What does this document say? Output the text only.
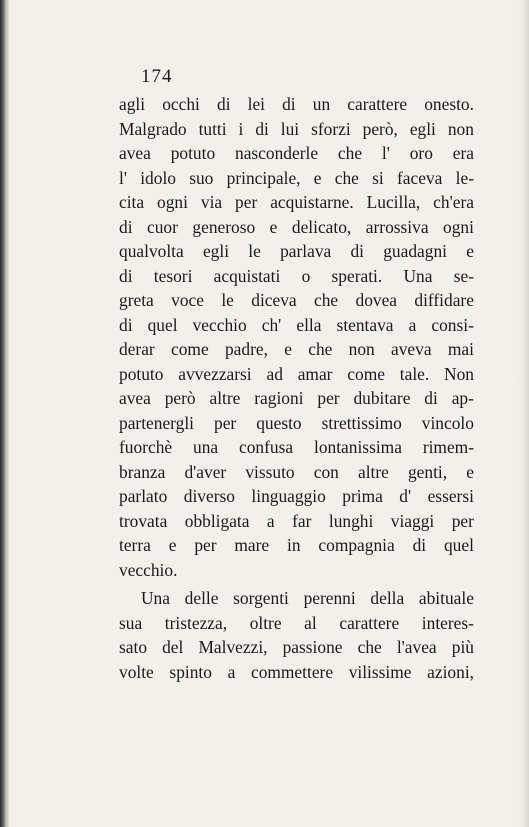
174
agli occhi di lei di un carattere onesto.
Malgrado tutti i di lui sforzi però, egli non
avea potuto nasconderle che l' oro era
l' idolo suo principale, e che si faceva le-
cita ogni via per acquistarne. Lucilla, ch'era
di cuor generoso e delicato, arrossiva ogni
qualvolta egli le parlava di guadagni e
di tesori acquistati o sperati. Una se-
greta voce le diceva che dovea diffidare
di quel vecchio ch' ella stentava a consi-
derar come padre, e che non aveva mai
potuto avvezzarsi ad amar come tale. Non
avea però altre ragioni per dubitare di ap-
partenergli per questo strettissimo vincolo
fuorchè una confusa lontanissima rimem-
branza d'aver vissuto con altre genti, e
parlato diverso linguaggio prima d' essersi
trovata obbligata a far lunghi viaggi per
terra e per mare in compagnia di quel
vecchio.
Una delle sorgenti perenni della abituale
sua tristezza, oltre al carattere interes-
sato del Malvezzi, passione che l'avea più
volte spinto a commettere vilissime azioni,
